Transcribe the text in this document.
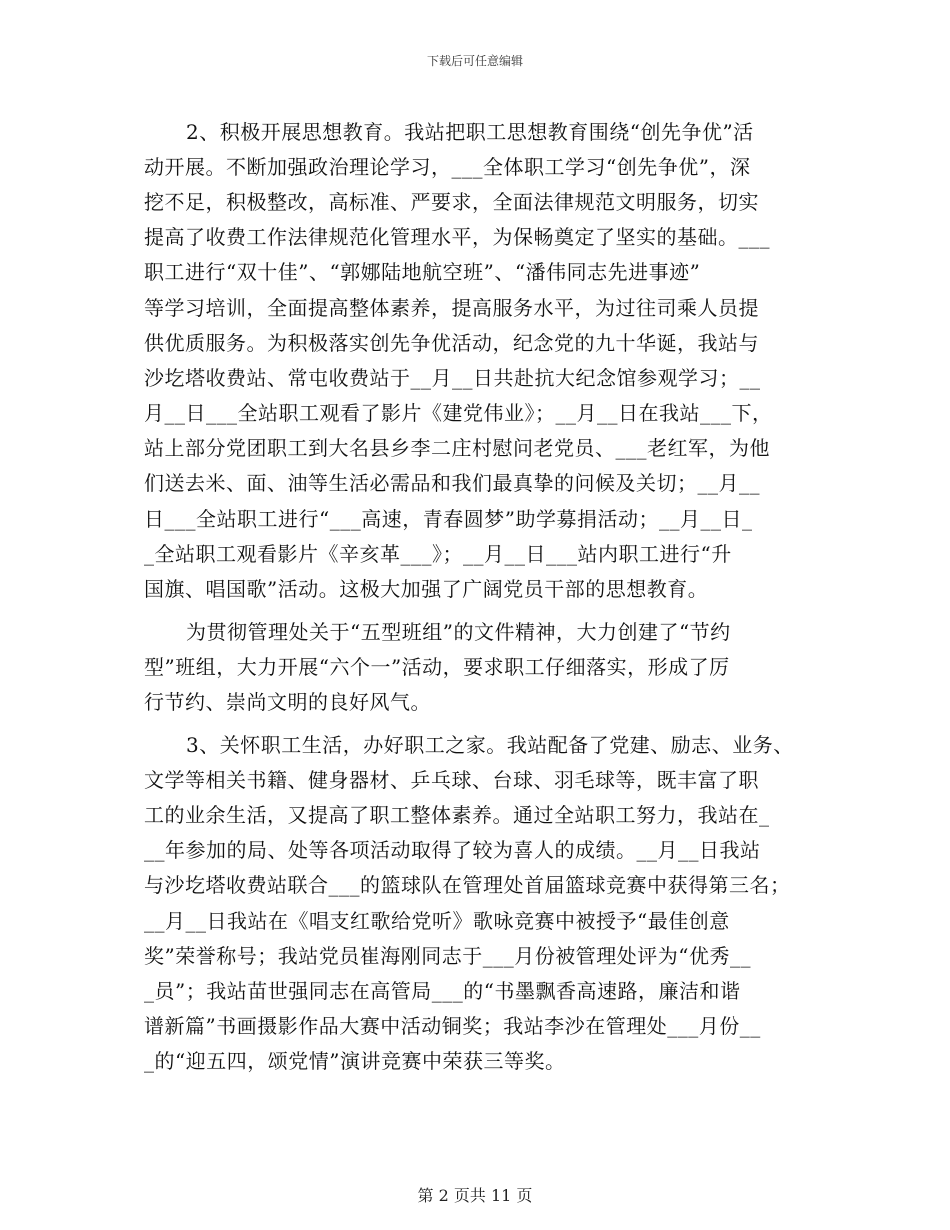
下载后可任意编辑
2、积极开展思想教育。我站把职工思想教育围绕“创先争优”活
动开展。不断加强政治理论学习，___全体职工学习“创先争优”，深
挖不足，积极整改，高标准、严要求，全面法律规范文明服务，切实
提高了收费工作法律规范化管理水平，为保畅奠定了坚实的基础。___
职工进行“双十佳”、“郭娜陆地航空班”、“潘伟同志先进事迹”
等学习培训，全面提高整体素养，提高服务水平，为过往司乘人员提
供优质服务。为积极落实创先争优活动，纪念党的九十华诞，我站与
沙圪塔收费站、常屯收费站于__月__日共赴抗大纪念馆参观学习；__
月__日___全站职工观看了影片《建党伟业》；__月__日在我站___下，
站上部分党团职工到大名县乡李二庄村慰问老党员、___老红军，为他
们送去米、面、油等生活必需品和我们最真挚的问候及关切；__月__
日___全站职工进行“___高速，青春圆梦”助学募捐活动；__月__日_
_全站职工观看影片《辛亥革___》；__月__日___站内职工进行“升
国旗、唱国歌”活动。这极大加强了广阔党员干部的思想教育。
为贯彻管理处关于“五型班组”的文件精神，大力创建了“节约
型”班组，大力开展“六个一”活动，要求职工仔细落实，形成了厉
行节约、崇尚文明的良好风气。
3、关怀职工生活，办好职工之家。我站配备了党建、励志、业务、
文学等相关书籍、健身器材、乒乓球、台球、羽毛球等，既丰富了职
工的业余生活，又提高了职工整体素养。通过全站职工努力，我站在_
__年参加的局、处等各项活动取得了较为喜人的成绩。__月__日我站
与沙圪塔收费站联合___的篮球队在管理处首届篮球竞赛中获得第三名；
__月__日我站在《唱支红歌给党听》歌咏竞赛中被授予“最佳创意
奖”荣誉称号；我站党员崔海刚同志于___月份被管理处评为“优秀__
_员”；我站苗世强同志在高管局___的“书墨飘香高速路，廉洁和谐
谱新篇”书画摄影作品大赛中活动铜奖；我站李沙在管理处___月份__
_的“迎五四，颂党情”演讲竞赛中荣获三等奖。
第 2 页共 11 页
